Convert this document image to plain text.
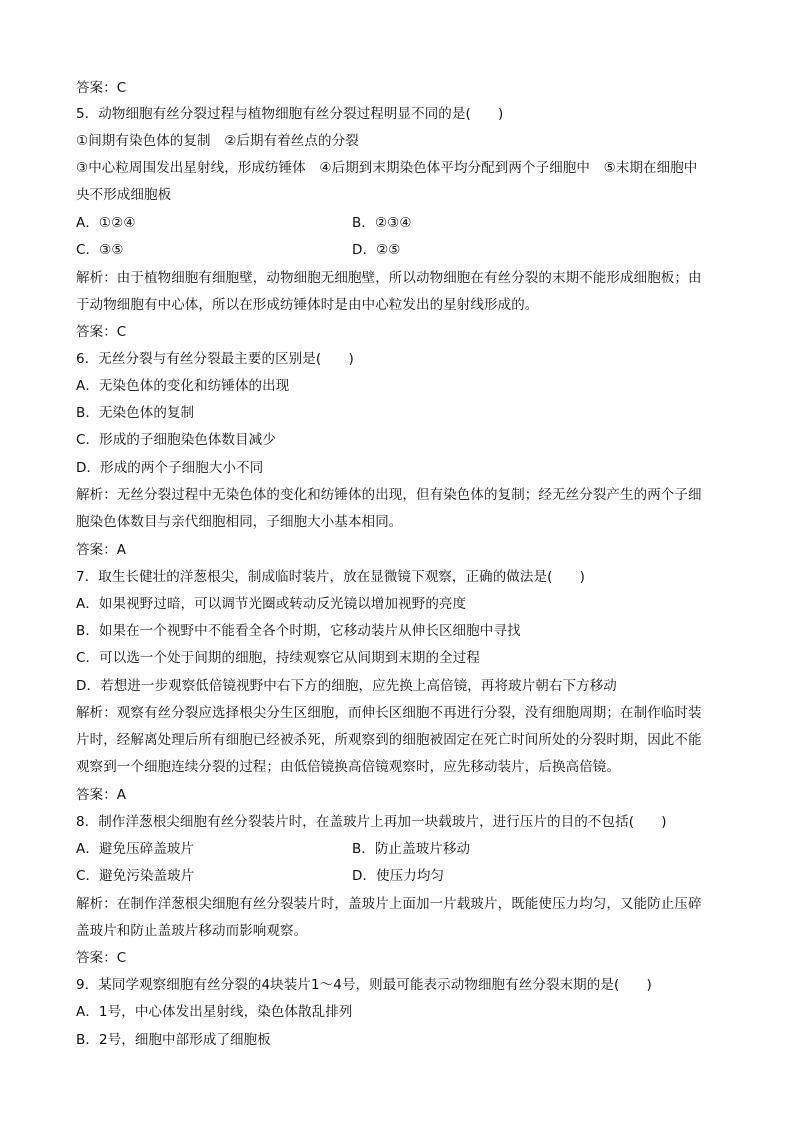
答案：C
5．动物细胞有丝分裂过程与植物细胞有丝分裂过程明显不同的是(　　)
①间期有染色体的复制　②后期有着丝点的分裂
③中心粒周围发出星射线，形成纺锤体　④后期到末期染色体平均分配到两个子细胞中　⑤末期在细胞中
央不形成细胞板
A．①②④	B．②③④
C．③⑤	D．②⑤
解析：由于植物细胞有细胞壁，动物细胞无细胞壁，所以动物细胞在有丝分裂的末期不能形成细胞板；由
于动物细胞有中心体，所以在形成纺锤体时是由中心粒发出的星射线形成的。
答案：C
6．无丝分裂与有丝分裂最主要的区别是(　　)
A．无染色体的变化和纺锤体的出现
B．无染色体的复制
C．形成的子细胞染色体数目减少
D．形成的两个子细胞大小不同
解析：无丝分裂过程中无染色体的变化和纺锤体的出现，但有染色体的复制；经无丝分裂产生的两个子细
胞染色体数目与亲代细胞相同，子细胞大小基本相同。
答案：A
7．取生长健壮的洋葱根尖，制成临时装片，放在显微镜下观察，正确的做法是(　　)
A．如果视野过暗，可以调节光圈或转动反光镜以增加视野的亮度
B．如果在一个视野中不能看全各个时期，它移动装片从伸长区细胞中寻找
C．可以选一个处于间期的细胞，持续观察它从间期到末期的全过程
D．若想进一步观察低倍镜视野中右下方的细胞，应先换上高倍镜，再将玻片朝右下方移动
解析：观察有丝分裂应选择根尖分生区细胞，而伸长区细胞不再进行分裂，没有细胞周期；在制作临时装
片时，经解离处理后所有细胞已经被杀死，所观察到的细胞被固定在死亡时间所处的分裂时期，因此不能
观察到一个细胞连续分裂的过程；由低倍镜换高倍镜观察时，应先移动装片，后换高倍镜。
答案：A
8．制作洋葱根尖细胞有丝分裂装片时，在盖玻片上再加一块载玻片，进行压片的目的不包括(　　)
A．避免压碎盖玻片	B．防止盖玻片移动
C．避免污染盖玻片	D．使压力均匀
解析：在制作洋葱根尖细胞有丝分裂装片时，盖玻片上面加一片载玻片，既能使压力均匀，又能防止压碎
盖玻片和防止盖玻片移动而影响观察。
答案：C
9．某同学观察细胞有丝分裂的4块装片1～4号，则最可能表示动物细胞有丝分裂末期的是(　　)
A．1号，中心体发出星射线，染色体散乱排列
B．2号，细胞中部形成了细胞板
